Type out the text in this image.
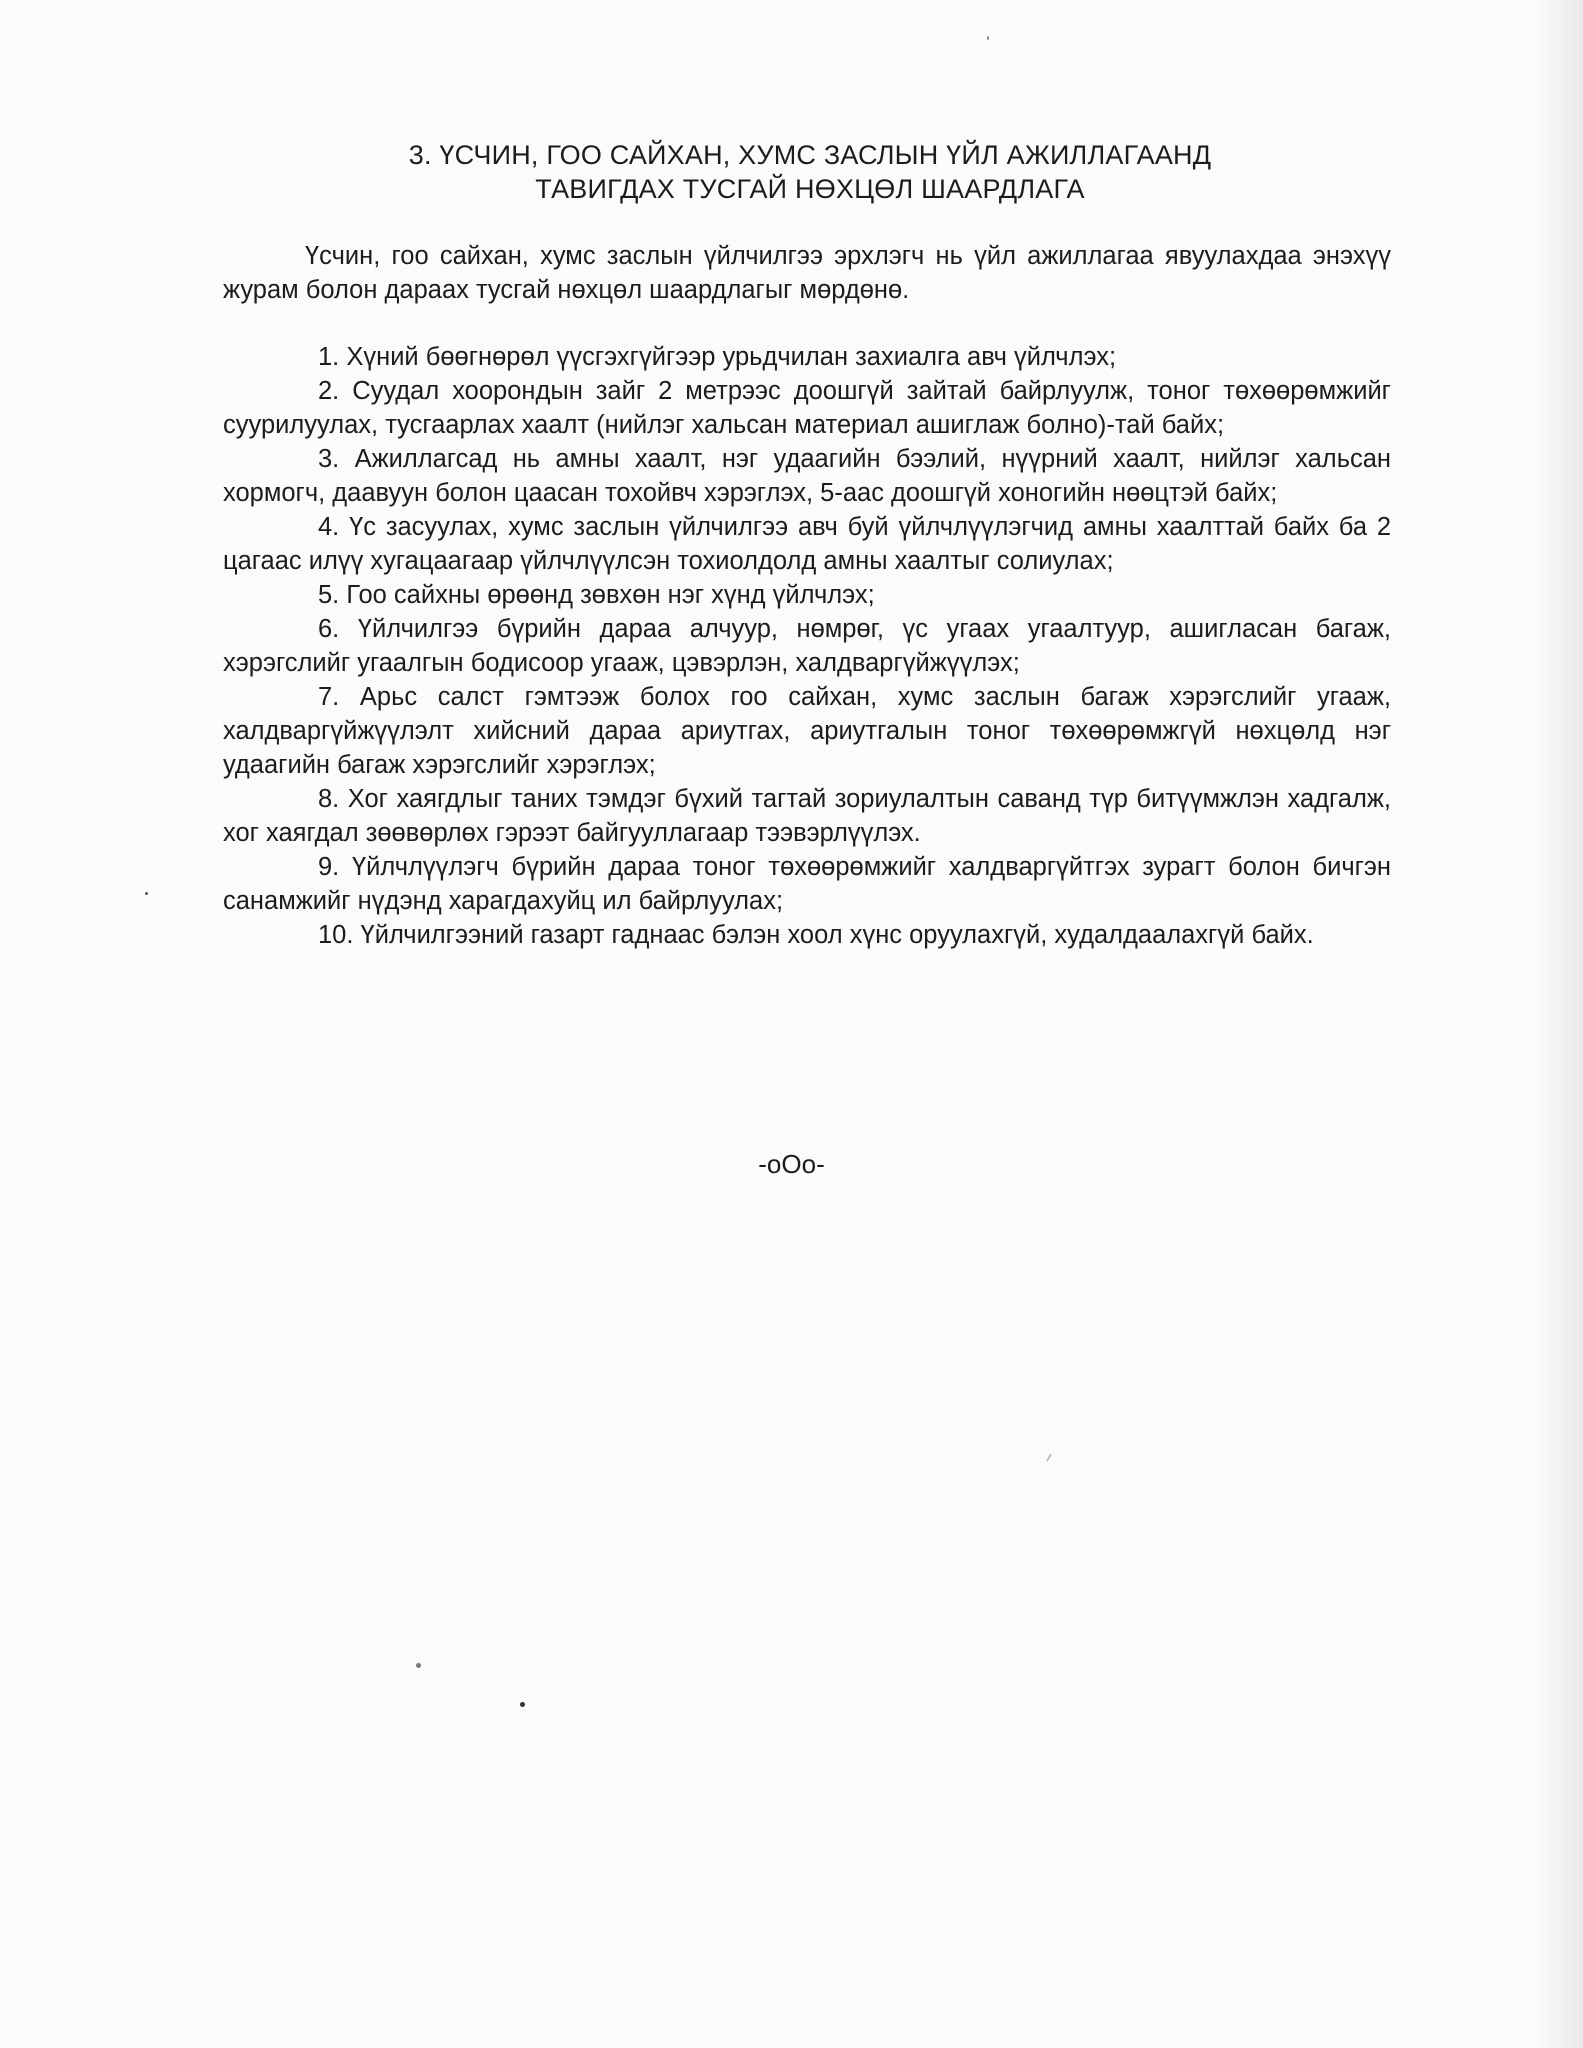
3. ҮСЧИН, ГОО САЙХАН, ХУМС ЗАСЛЫН ҮЙЛ АЖИЛЛАГААНД
ТАВИГДАХ ТУСГАЙ НӨХЦӨЛ ШААРДЛАГА

Үсчин, гоо сайхан, хумс заслын үйлчилгээ эрхлэгч нь үйл ажиллагаа явуулахдаа энэхүү журам болон дараах тусгай нөхцөл шаардлагыг мөрдөнө.

1. Хүний бөөгнөрөл үүсгэхгүйгээр урьдчилан захиалга авч үйлчлэх;
2. Суудал хоорондын зайг 2 метрээс доошгүй зайтай байрлуулж, тоног төхөөрөмжийг суурилуулах, тусгаарлах хаалт (нийлэг хальсан материал ашиглаж болно)-тай байх;
3. Ажиллагсад нь амны хаалт, нэг удаагийн бээлий, нүүрний хаалт, нийлэг хальсан хормогч, даавуун болон цаасан тохойвч хэрэглэх, 5-аас доошгүй хоногийн нөөцтэй байх;
4. Үс засуулах, хумс заслын үйлчилгээ авч буй үйлчлүүлэгчид амны хаалттай байх ба 2 цагаас илүү хугацаагаар үйлчлүүлсэн тохиолдолд амны хаалтыг солиулах;
5. Гоо сайхны өрөөнд зөвхөн нэг хүнд үйлчлэх;
6. Үйлчилгээ бүрийн дараа алчуур, нөмрөг, үс угаах угаалтуур, ашигласан багаж, хэрэгслийг угаалгын бодисоор угааж, цэвэрлэн, халдваргүйжүүлэх;
7. Арьс салст гэмтээж болох гоо сайхан, хумс заслын багаж хэрэгслийг угааж, халдваргүйжүүлэлт хийсний дараа ариутгах, ариутгалын тоног төхөөрөмжгүй нөхцөлд нэг удаагийн багаж хэрэгслийг хэрэглэх;
8. Хог хаягдлыг таних тэмдэг бүхий тагтай зориулалтын саванд түр битүүмжлэн хадгалж, хог хаягдал зөөвөрлөх гэрээт байгууллагаар тээвэрлүүлэх.
9. Үйлчлүүлэгч бүрийн дараа тоног төхөөрөмжийг халдваргүйтгэх зурагт болон бичгэн санамжийг нүдэнд харагдахуйц ил байрлуулах;
10. Үйлчилгээний газарт гаднаас бэлэн хоол хүнс оруулахгүй, худалдаалахгүй байх.
-oOo-
